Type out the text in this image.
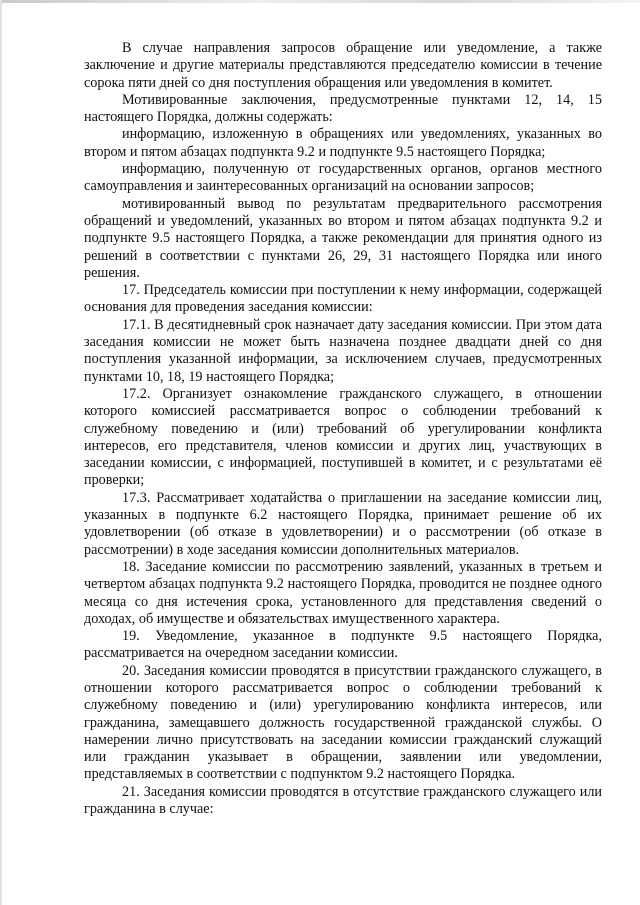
В случае направления запросов обращение или уведомление, а также заключение и другие материалы представляются председателю комиссии в течение сорока пяти дней со дня поступления обращения или уведомления в комитет.

Мотивированные заключения, предусмотренные пунктами 12, 14, 15 настоящего Порядка, должны содержать:

информацию, изложенную в обращениях или уведомлениях, указанных во втором и пятом абзацах подпункта 9.2 и подпункте 9.5 настоящего Порядка;

информацию, полученную от государственных органов, органов местного самоуправления и заинтересованных организаций на основании запросов;

мотивированный вывод по результатам предварительного рассмотрения обращений и уведомлений, указанных во втором и пятом абзацах подпункта 9.2 и подпункте 9.5 настоящего Порядка, а также рекомендации для принятия одного из решений в соответствии с пунктами 26, 29, 31 настоящего Порядка или иного решения.

17. Председатель комиссии при поступлении к нему информации, содержащей основания для проведения заседания комиссии:

17.1. В десятидневный срок назначает дату заседания комиссии. При этом дата заседания комиссии не может быть назначена позднее двадцати дней со дня поступления указанной информации, за исключением случаев, предусмотренных пунктами 10, 18, 19 настоящего Порядка;

17.2. Организует ознакомление гражданского служащего, в отношении которого комиссией рассматривается вопрос о соблюдении требований к служебному поведению и (или) требований об урегулировании конфликта интересов, его представителя, членов комиссии и других лиц, участвующих в заседании комиссии, с информацией, поступившей в комитет, и с результатами её проверки;

17.3. Рассматривает ходатайства о приглашении на заседание комиссии лиц, указанных в подпункте 6.2 настоящего Порядка, принимает решение об их удовлетворении (об отказе в удовлетворении) и о рассмотрении (об отказе в рассмотрении) в ходе заседания комиссии дополнительных материалов.

18. Заседание комиссии по рассмотрению заявлений, указанных в третьем и четвертом абзацах подпункта 9.2 настоящего Порядка, проводится не позднее одного месяца со дня истечения срока, установленного для представления сведений о доходах, об имуществе и обязательствах имущественного характера.

19. Уведомление, указанное в подпункте 9.5 настоящего Порядка, рассматривается на очередном заседании комиссии.

20. Заседания комиссии проводятся в присутствии гражданского служащего, в отношении которого рассматривается вопрос о соблюдении требований к служебному поведению и (или) урегулированию конфликта интересов, или гражданина, замещавшего должность государственной гражданской службы. О намерении лично присутствовать на заседании комиссии гражданский служащий или гражданин указывает в обращении, заявлении или уведомлении, представляемых в соответствии с подпунктом 9.2 настоящего Порядка.

21. Заседания комиссии проводятся в отсутствие гражданского служащего или гражданина в случае:
